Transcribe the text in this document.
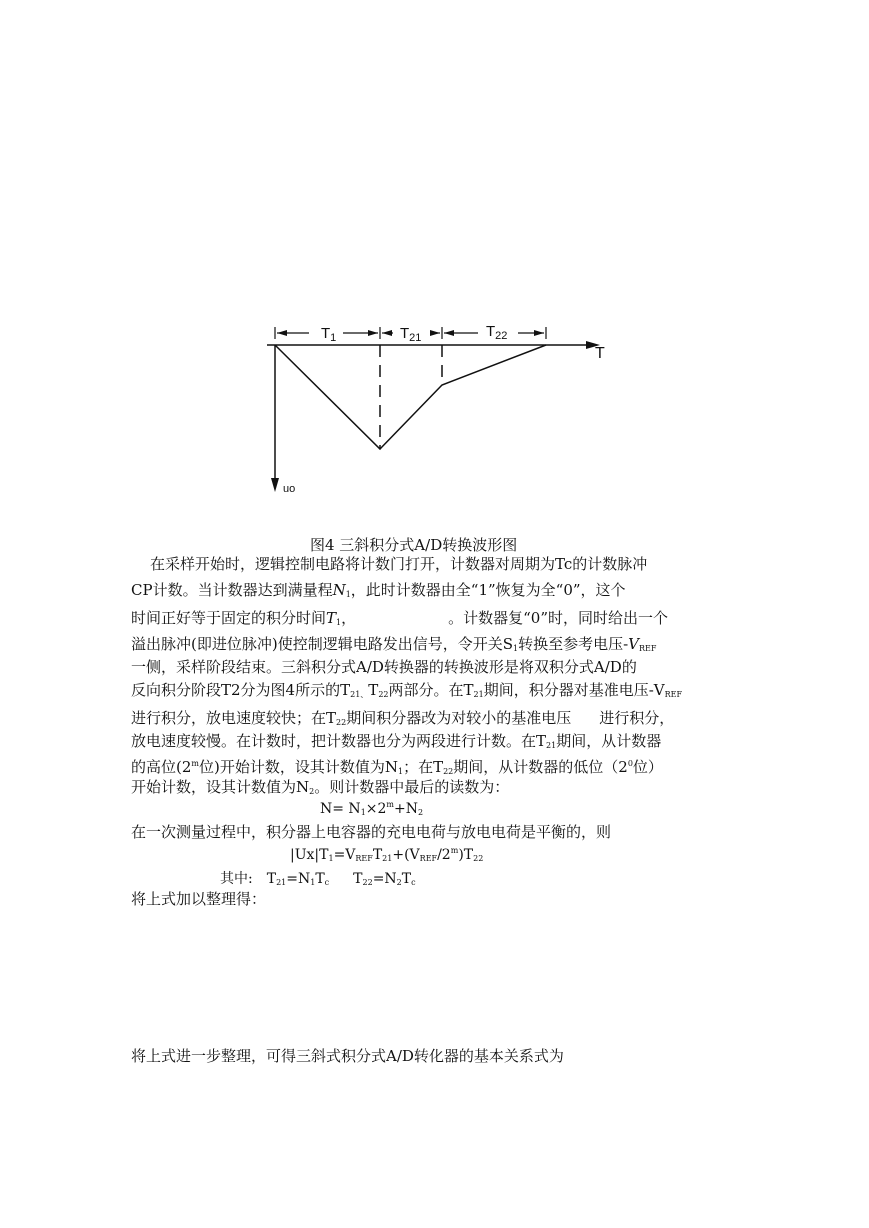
$T_1$	$T_{21}$	$T_{22}$
T
uo
图4 三斜积分式A/D转换波形图
在采样开始时，逻辑控制电路将计数门打开，计数器对周期为Tc的计数脉冲
CP计数。当计数器达到满量程$N_1$，此时计数器由全“1”恢复为全“0”，这个
时间正好等于固定的积分时间$T_1$，	。计数器复“0”时，同时给出一个
溢出脉冲(即进位脉冲)使控制逻辑电路发出信号，令开关$S_1$转换至参考电压$-V_{REF}$
一侧，采样阶段结束。三斜积分式A/D转换器的转换波形是将双积分式A/D的
反向积分阶段T2分为图4所示的$T_{21、}T_{22}$两部分。在$T_{21}$期间，积分器对基准电压$-V_{REF}$
进行积分，放电速度较快；在$T_{22}$期间积分器改为对较小的基准电压 进行积分，
放电速度较慢。在计数时，把计数器也分为两段进行计数。在$T_{21}$期间，从计数器
的高位(2$^m$位)开始计数，设其计数值为$N_1$；在$T_{22}$期间，从计数器的低位（$2^0$位）
开始计数，设其计数值为$N_2$。则计数器中最后的读数为：
$N= N_1\times 2^m+N_2$
在一次测量过程中，积分器上电容器的充电电荷与放电电荷是平衡的，则
$|Ux|T_1=V_{REF}T_{21}+(V_{REF}/2^m)T_{22}$
其中: $T_{21}=N_1T_c$ $T_{22}=N_2T_c$
将上式加以整理得：
将上式进一步整理，可得三斜式积分式A/D转化器的基本关系式为
